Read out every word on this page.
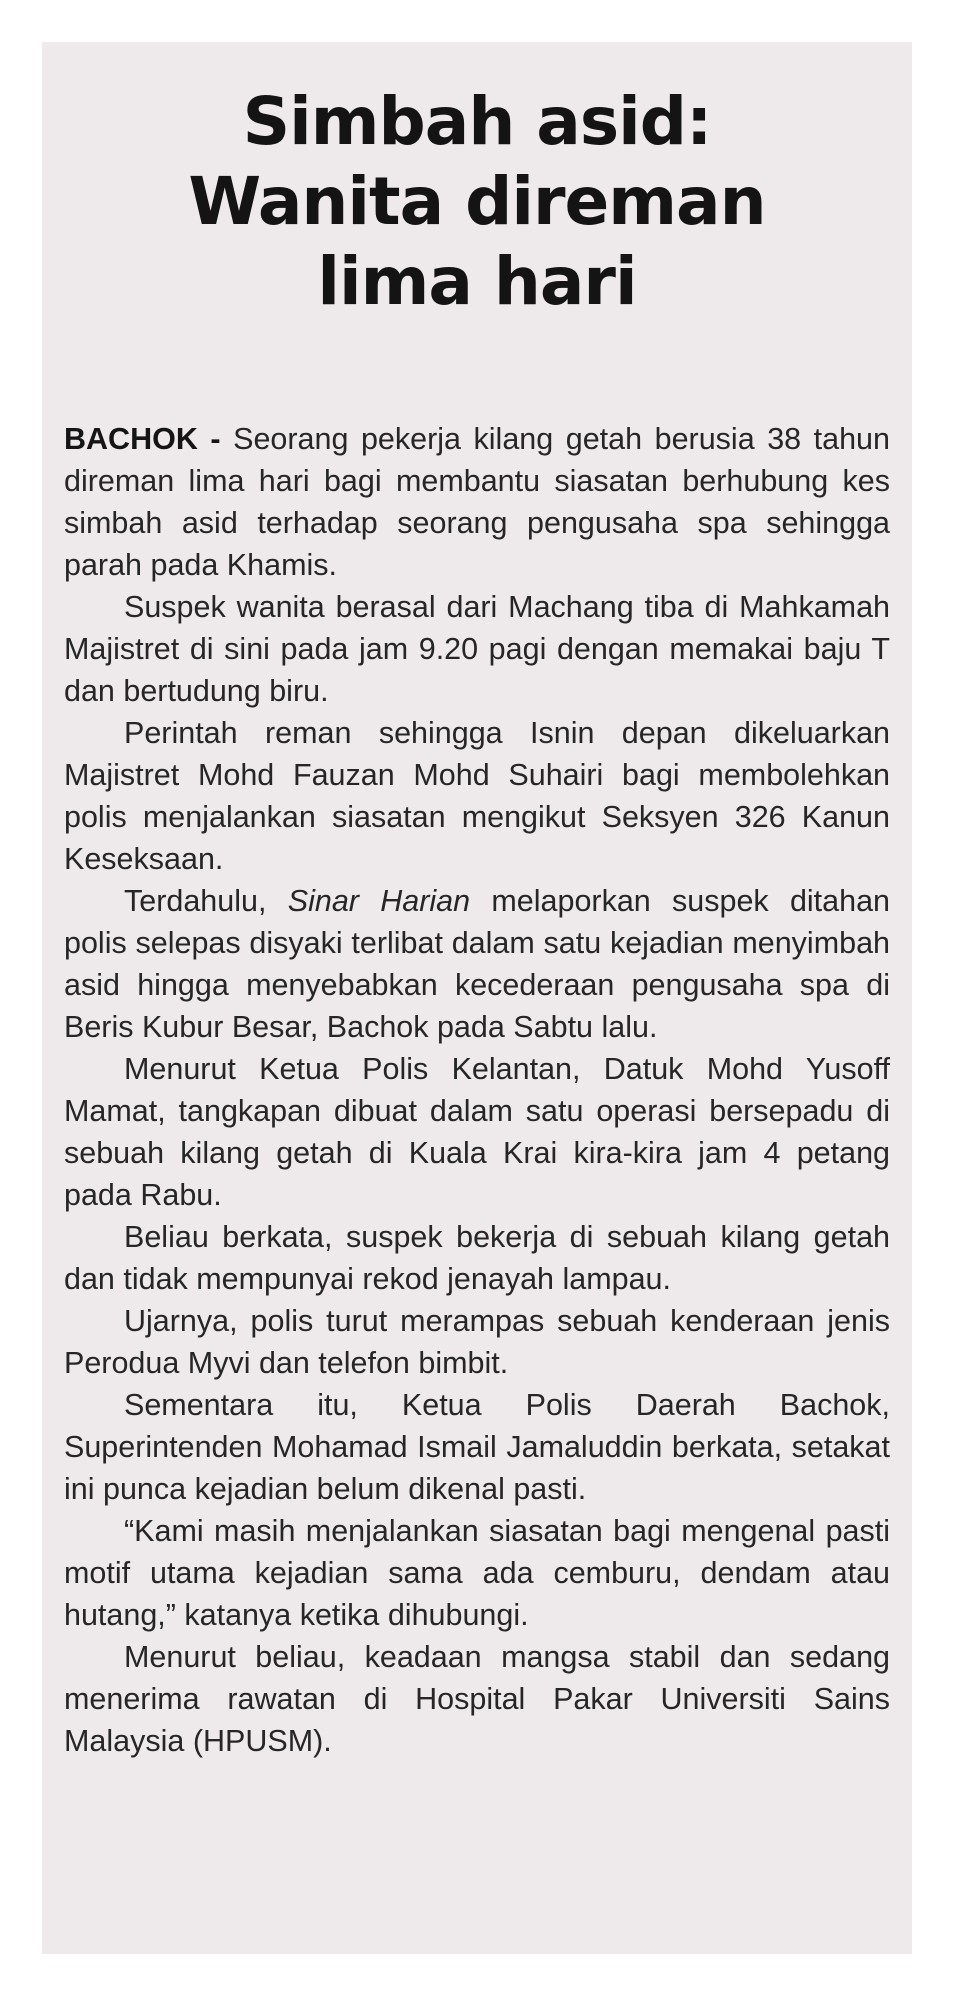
Simbah asid:
Wanita direman
lima hari

BACHOK - Seorang pekerja kilang getah berusia 38 tahun direman lima hari bagi membantu siasatan berhubung kes simbah asid terhadap seorang pengusaha spa sehingga parah pada Khamis.

Suspek wanita berasal dari Machang tiba di Mahkamah Majistret di sini pada jam 9.20 pagi dengan memakai baju T dan bertudung biru.

Perintah reman sehingga Isnin depan dikeluarkan Majistret Mohd Fauzan Mohd Suhairi bagi membolehkan polis menjalankan siasatan mengikut Seksyen 326 Kanun Keseksaan.

Terdahulu, Sinar Harian melaporkan suspek ditahan polis selepas disyaki terlibat dalam satu kejadian menyimbah asid hingga menyebabkan kecederaan pengusaha spa di Beris Kubur Besar, Bachok pada Sabtu lalu.

Menurut Ketua Polis Kelantan, Datuk Mohd Yusoff Mamat, tangkapan dibuat dalam satu operasi bersepadu di sebuah kilang getah di Kuala Krai kira-kira jam 4 petang pada Rabu.

Beliau berkata, suspek bekerja di sebuah kilang getah dan tidak mempunyai rekod jenayah lampau.

Ujarnya, polis turut merampas sebuah kenderaan jenis Perodua Myvi dan telefon bimbit.

Sementara itu, Ketua Polis Daerah Bachok, Superintenden Mohamad Ismail Jamaluddin berkata, setakat ini punca kejadian belum dikenal pasti.

“Kami masih menjalankan siasatan bagi mengenal pasti motif utama kejadian sama ada cemburu, dendam atau hutang,” katanya ketika dihubungi.

Menurut beliau, keadaan mangsa stabil dan sedang menerima rawatan di Hospital Pakar Universiti Sains Malaysia (HPUSM).
